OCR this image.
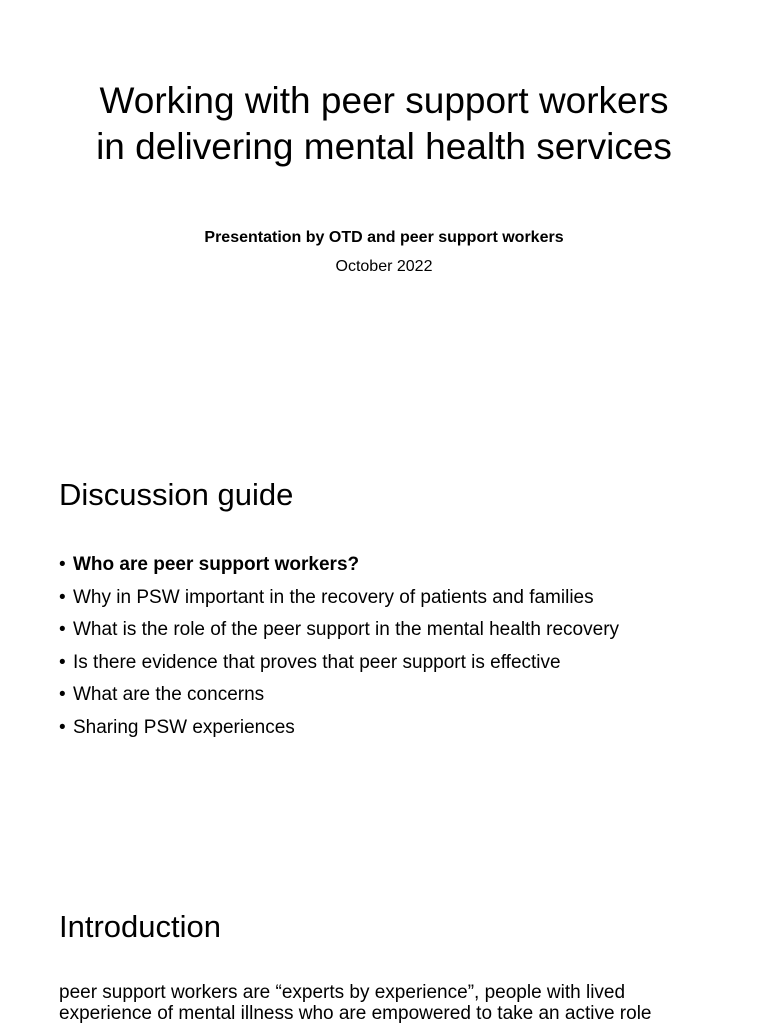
Working with peer support workers in delivering mental health services

Presentation by OTD and peer support workers

October 2022

Discussion guide
• Who are peer support workers?
• Why in PSW important in the recovery of patients and families
• What is the role of the peer support in the mental health recovery
• Is there evidence that proves that peer support is effective
• What are the concerns
• Sharing PSW experiences
Introduction

peer support workers are “experts by experience”, people with lived experience of mental illness who are empowered to take an active role
